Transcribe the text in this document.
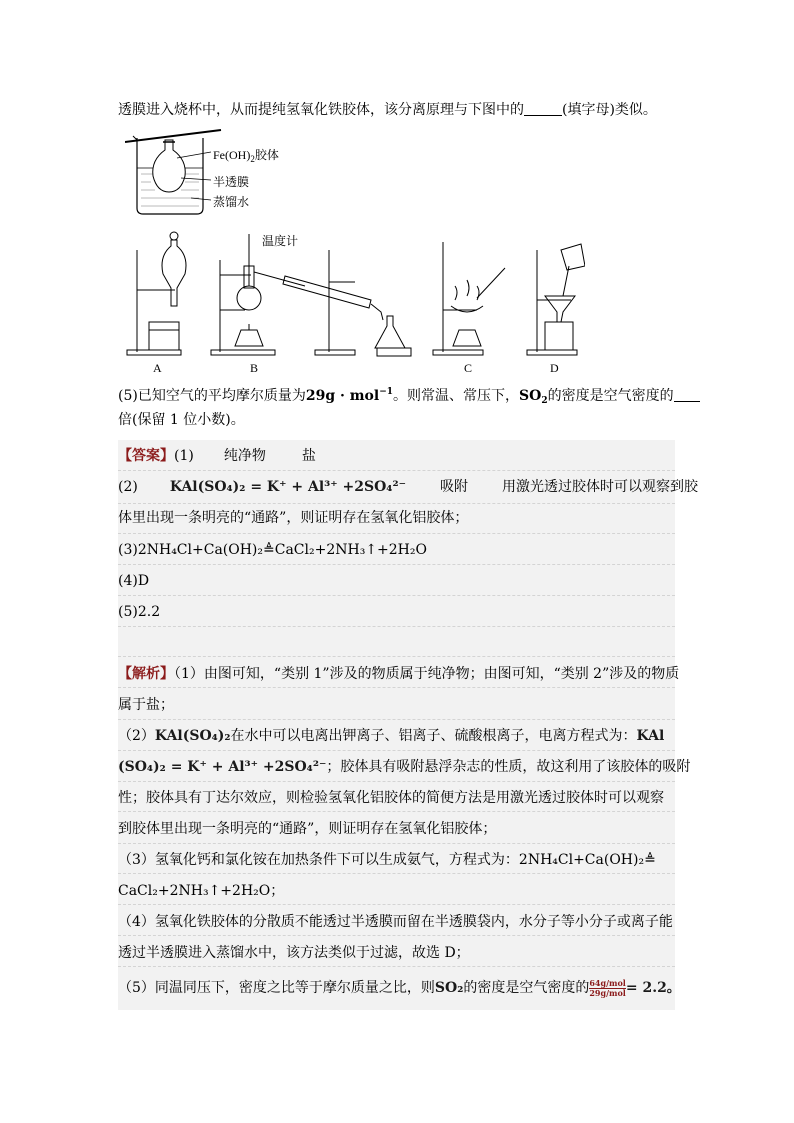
透膜进入烧杯中，从而提纯氢氧化铁胶体，该分离原理与下图中的	(填字母)类似。
$Fe(OH)_2$胶体
半透膜
蒸馏水
温度计
A	B	C	D
(5)已知空气的平均摩尔质量为29g · mol$^{-1}$。则常温、常压下，$SO_2$的密度是空气密度的
倍(保留 1 位小数)。
【答案】(1) 纯净物	盐
(2) KAl(SO₄)₂ = K⁺ + Al³⁺ +2SO₄²⁻ 吸附 用激光透过胶体时可以观察到胶
体里出现一条明亮的“通路”，则证明存在氢氧化铝胶体；
(3)2NH₄Cl+Ca(OH)₂≜CaCl₂+2NH₃↑+2H₂O
(4)D
(5)2.2
【解析】（1）由图可知，“类别 1”涉及的物质属于纯净物；由图可知，“类别 2”涉及的物质
属于盐；
（2）KAl(SO₄)₂在水中可以电离出钾离子、铝离子、硫酸根离子，电离方程式为：KAl
(SO₄)₂ = K⁺ + Al³⁺ +2SO₄²⁻；胶体具有吸附悬浮杂志的性质，故这利用了该胶体的吸附
性；胶体具有丁达尔效应，则检验氢氧化铝胶体的简便方法是用激光透过胶体时可以观察
到胶体里出现一条明亮的“通路”，则证明存在氢氧化铝胶体；
（3）氢氧化钙和氯化铵在加热条件下可以生成氨气，方程式为：2NH₄Cl+Ca(OH)₂≜
CaCl₂+2NH₃↑+2H₂O；
（4）氢氧化铁胶体的分散质不能透过半透膜而留在半透膜袋内，水分子等小分子或离子能
透过半透膜进入蒸馏水中，该方法类似于过滤，故选 D；
（5）同温同压下，密度之比等于摩尔质量之比，则SO₂的密度是空气密度的 $\frac{\text{64g/mol}}{\text{29g/mol}} = 2.2$。
